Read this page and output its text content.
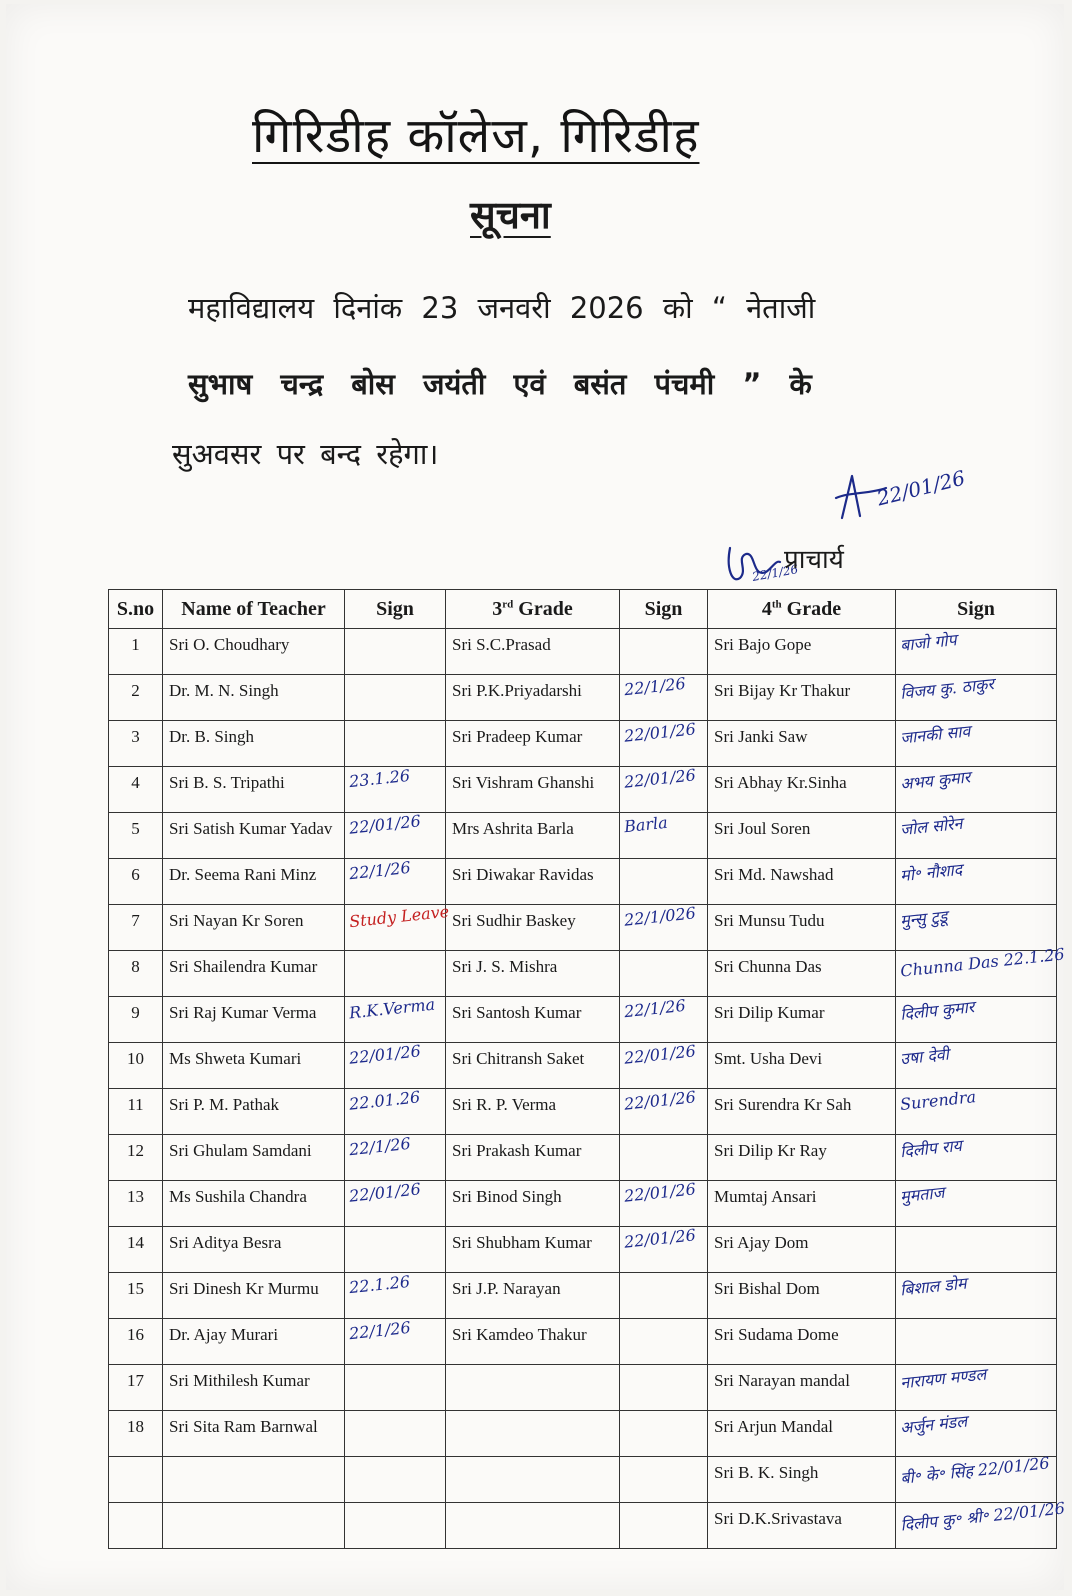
गिरिडीह कॉलेज, गिरिडीह
सूचना
महाविद्यालय दिनांक 23 जनवरी 2026 को “ नेताजी
सुभाष चन्द्र बोस जयंती एवं बसंत पंचमी ” के
सुअवसर पर बन्द रहेगा।
22/01/26
22/1/26
प्राचार्य
S.no	Name of Teacher	Sign	3rd Grade	Sign	4th Grade	Sign
1	Sri O. Choudhary		Sri S.C.Prasad		Sri Bajo Gope	बाजो गोप
2	Dr. M. N. Singh		Sri P.K.Priyadarshi	22/1/26	Sri Bijay Kr Thakur	विजय कु. ठाकुर
3	Dr. B. Singh		Sri Pradeep Kumar	22/01/26	Sri Janki Saw	जानकी साव
4	Sri B. S. Tripathi	23.1.26	Sri Vishram Ghanshi	22/01/26	Sri Abhay Kr.Sinha	अभय कुमार
5	Sri Satish Kumar Yadav	22/01/26	Mrs Ashrita Barla	Barla	Sri Joul Soren	जोल सोरेन
6	Dr. Seema Rani Minz	22/1/26	Sri Diwakar Ravidas		Sri Md. Nawshad	मो॰ नौशाद
7	Sri Nayan Kr Soren	Study Leave	Sri Sudhir Baskey	22/1/026	Sri Munsu Tudu	मुन्सु टुडू
8	Sri Shailendra Kumar		Sri J. S. Mishra		Sri Chunna Das	Chunna Das 22.1.26
9	Sri Raj Kumar Verma	R.K.Verma	Sri Santosh Kumar	22/1/26	Sri Dilip Kumar	दिलीप कुमार
10	Ms Shweta Kumari	22/01/26	Sri Chitransh Saket	22/01/26	Smt. Usha Devi	उषा देवी
11	Sri P. M. Pathak	22.01.26	Sri R. P. Verma	22/01/26	Sri Surendra Kr Sah	Surendra
12	Sri Ghulam Samdani	22/1/26	Sri Prakash Kumar		Sri Dilip Kr Ray	दिलीप राय
13	Ms Sushila Chandra	22/01/26	Sri Binod Singh	22/01/26	Mumtaj Ansari	मुमताज
14	Sri Aditya Besra		Sri Shubham Kumar	22/01/26	Sri Ajay Dom	
15	Sri Dinesh Kr Murmu	22.1.26	Sri J.P. Narayan		Sri Bishal Dom	बिशाल डोम
16	Dr. Ajay Murari	22/1/26	Sri Kamdeo Thakur		Sri Sudama Dome	
17	Sri Mithilesh Kumar				Sri Narayan mandal	नारायण मण्डल
18	Sri Sita Ram Barnwal				Sri Arjun Mandal	अर्जुन मंडल
					Sri B. K. Singh	बी॰ के॰ सिंह 22/01/26
					Sri D.K.Srivastava	दिलीप कु॰ श्री॰ 22/01/26
